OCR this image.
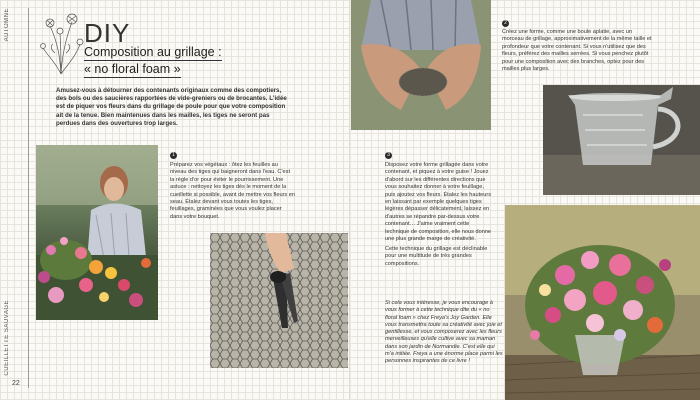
AUTOMNE
CUEILLETTE SAUVAGE
22
DIY
Composition au grillage :
« no floral foam »
Amusez-vous à détourner des contenants originaux comme des compotiers, des bols ou des saucières rapportées de vide-greniers ou de brocantes. L'idée est de piquer vos fleurs dans du grillage de poule pour que votre composition ait de la tenue. Bien maintenues dans les mailles, les tiges ne seront pas perdues dans des ouvertures trop larges.
1
Préparez vos végétaux : ôtez les feuilles au niveau des tiges qui baigneront dans l'eau. C'est la règle d'or pour éviter le pourrissement. Une astuce : nettoyez les tiges dès le moment de la cueillette si possible, avant de mettre vos fleurs en seau. Étalez devant vous toutes les tiges, feuillages, graminées que vous voulez placer dans votre bouquet.
2
Créez une forme, comme une boule aplatie, avec un morceau de grillage, approximativement de la même taille et profondeur que votre contenant. Si vous n'utilisez que des fleurs, préférez des mailles serrées. Si vous penchez plutôt pour une composition avec des branches, optez pour des mailles plus larges.
3
Disposez votre forme grillagée dans votre contenant, et piquez à votre guise ! Jouez d'abord sur les différentes directions que vous souhaitez donner à votre feuillage, puis ajoutez vos fleurs. Étalez les hauteurs en laissant par exemple quelques tiges légères dépasser délicatement, laissez en d'autres se répandre par-dessus votre contenant… J'aime vraiment cette technique de composition, elle nous donne une plus grande marge de créativité.
Cette technique du grillage est déclinable pour une multitude de très grandes compositions.
Si cela vous intéresse, je vous encourage à vous former à cette technique dite du « no floral foam » chez Freya's Joy Garden. Elle vous transmettra toute sa créativité avec joie et gentillesse, et vous composerez avec les fleurs merveilleuses qu'elle cultive avec sa maman dans son jardin de Normandie. C'est elle qui m'a initiée. Freya a une énorme place parmi les personnes inspirantes de ce livre !
